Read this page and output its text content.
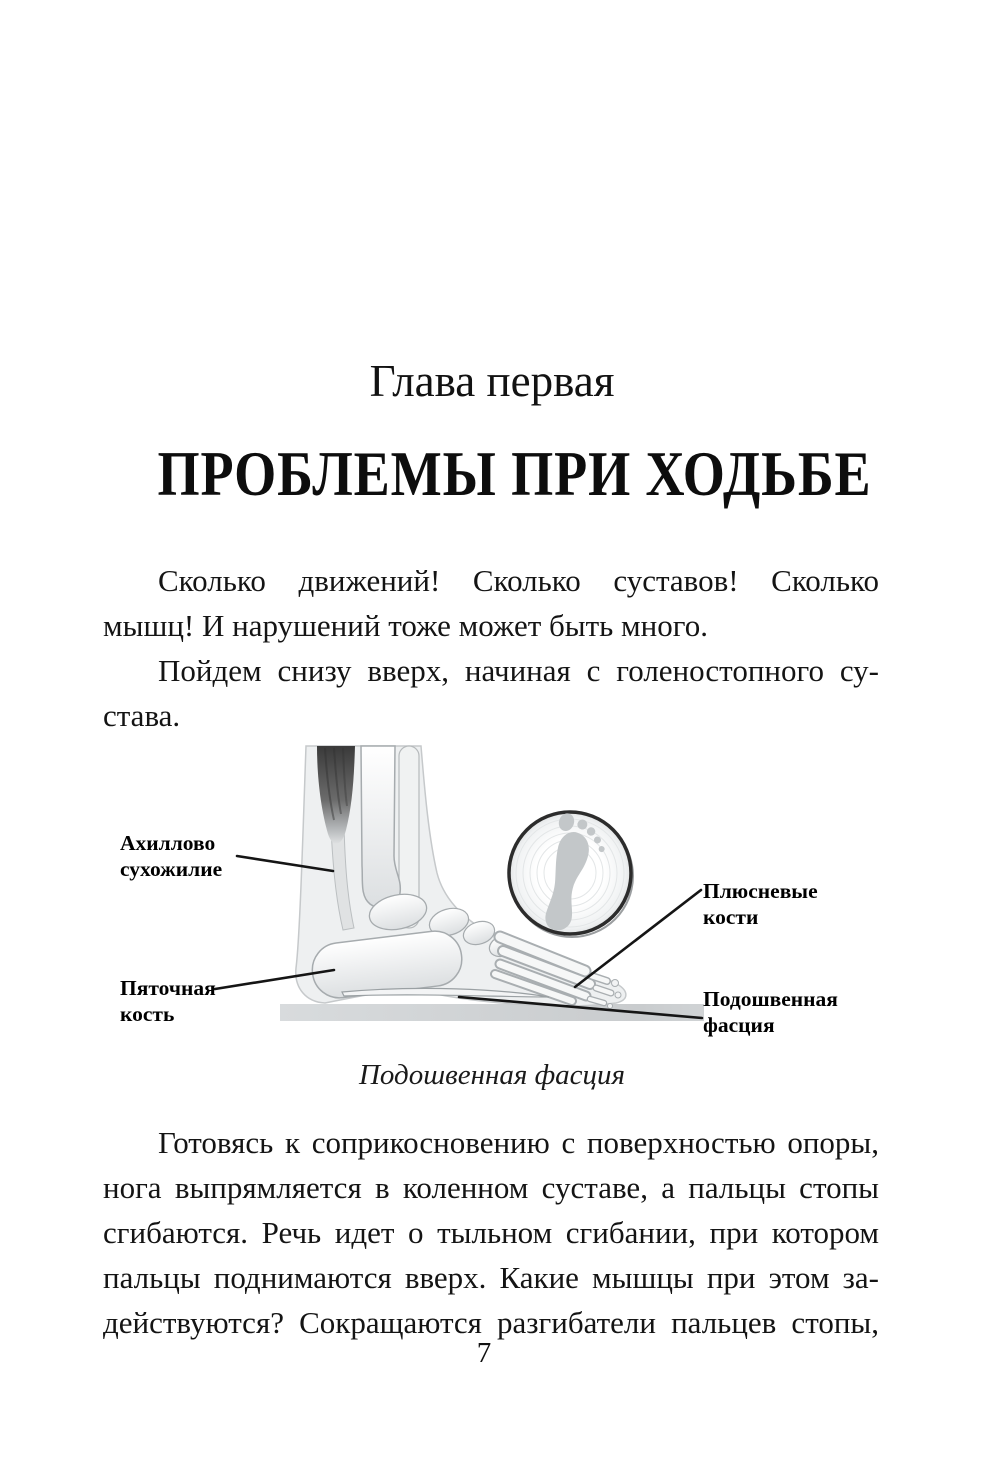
Глава первая
ПРОБЛЕМЫ ПРИ ХОДЬБЕ
Сколько движений! Сколько суставов! Сколько
мышц! И нарушений тоже может быть много.
Пойдем снизу вверх, начиная с голеностопного су-
става.
Ахиллово
сухожилие
Пяточная
кость
Плюсневые
кости
Подошвенная
фасция
Подошвенная фасция
Готовясь к соприкосновению с поверхностью опоры,
нога выпрямляется в коленном суставе, а пальцы стопы
сгибаются. Речь идет о тыльном сгибании, при котором
пальцы поднимаются вверх. Какие мышцы при этом за-
действуются? Сокращаются разгибатели пальцев стопы,
7
